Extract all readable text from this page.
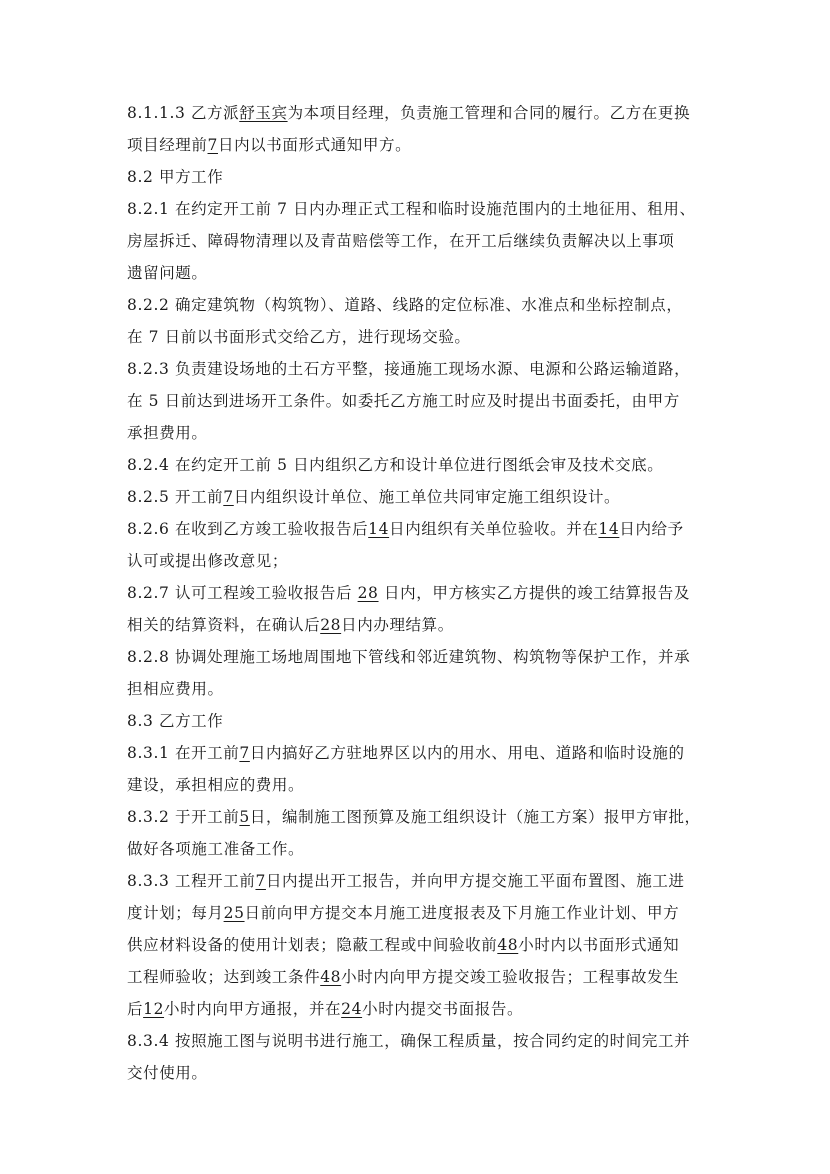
8.1.1.3 乙方派舒玉宾为本项目经理，负责施工管理和合同的履行。乙方在更换
项目经理前7日内以书面形式通知甲方。
8.2 甲方工作
8.2.1 在约定开工前 7 日内办理正式工程和临时设施范围内的土地征用、租用、
房屋拆迁、障碍物清理以及青苗赔偿等工作，在开工后继续负责解决以上事项
遗留问题。
8.2.2 确定建筑物（构筑物）、道路、线路的定位标准、水准点和坐标控制点，
在 7 日前以书面形式交给乙方，进行现场交验。
8.2.3 负责建设场地的土石方平整，接通施工现场水源、电源和公路运输道路，
在 5 日前达到进场开工条件。如委托乙方施工时应及时提出书面委托，由甲方
承担费用。
8.2.4 在约定开工前 5 日内组织乙方和设计单位进行图纸会审及技术交底。
8.2.5 开工前7日内组织设计单位、施工单位共同审定施工组织设计。
8.2.6 在收到乙方竣工验收报告后14日内组织有关单位验收。并在14日内给予
认可或提出修改意见；
8.2.7 认可工程竣工验收报告后 28 日内，甲方核实乙方提供的竣工结算报告及
相关的结算资料，在确认后28日内办理结算。
8.2.8 协调处理施工场地周围地下管线和邻近建筑物、构筑物等保护工作，并承
担相应费用。
8.3 乙方工作
8.3.1 在开工前7日内搞好乙方驻地界区以内的用水、用电、道路和临时设施的
建设，承担相应的费用。
8.3.2 于开工前5日，编制施工图预算及施工组织设计（施工方案）报甲方审批，
做好各项施工准备工作。
8.3.3 工程开工前7日内提出开工报告，并向甲方提交施工平面布置图、施工进
度计划；每月25日前向甲方提交本月施工进度报表及下月施工作业计划、甲方
供应材料设备的使用计划表；隐蔽工程或中间验收前48小时内以书面形式通知
工程师验收；达到竣工条件48小时内向甲方提交竣工验收报告；工程事故发生
后12小时内向甲方通报，并在24小时内提交书面报告。
8.3.4 按照施工图与说明书进行施工，确保工程质量，按合同约定的时间完工并
交付使用。
